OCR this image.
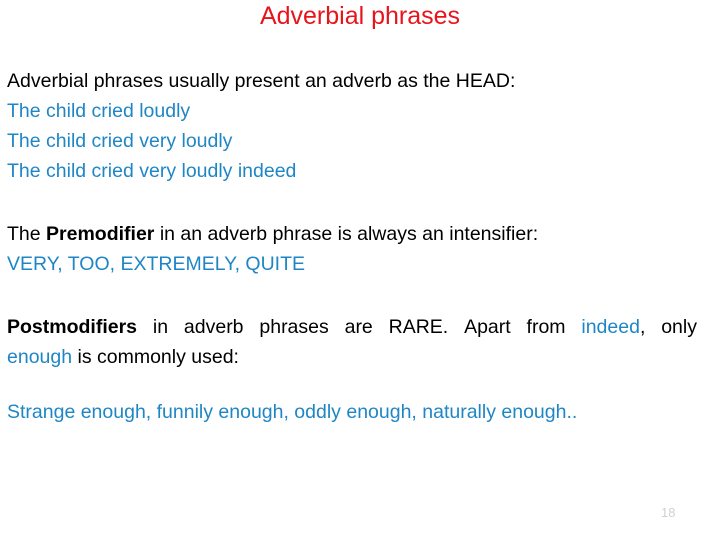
Adverbial phrases
Adverbial phrases usually present an adverb as the HEAD:
The child cried loudly
The child cried very loudly
The child cried very loudly indeed
The Premodifier in an adverb phrase is always an intensifier:
VERY, TOO, EXTREMELY, QUITE
Postmodifiers in adverb phrases are RARE. Apart from indeed, only
enough is commonly used:
Strange enough, funnily enough, oddly enough, naturally enough..
18
